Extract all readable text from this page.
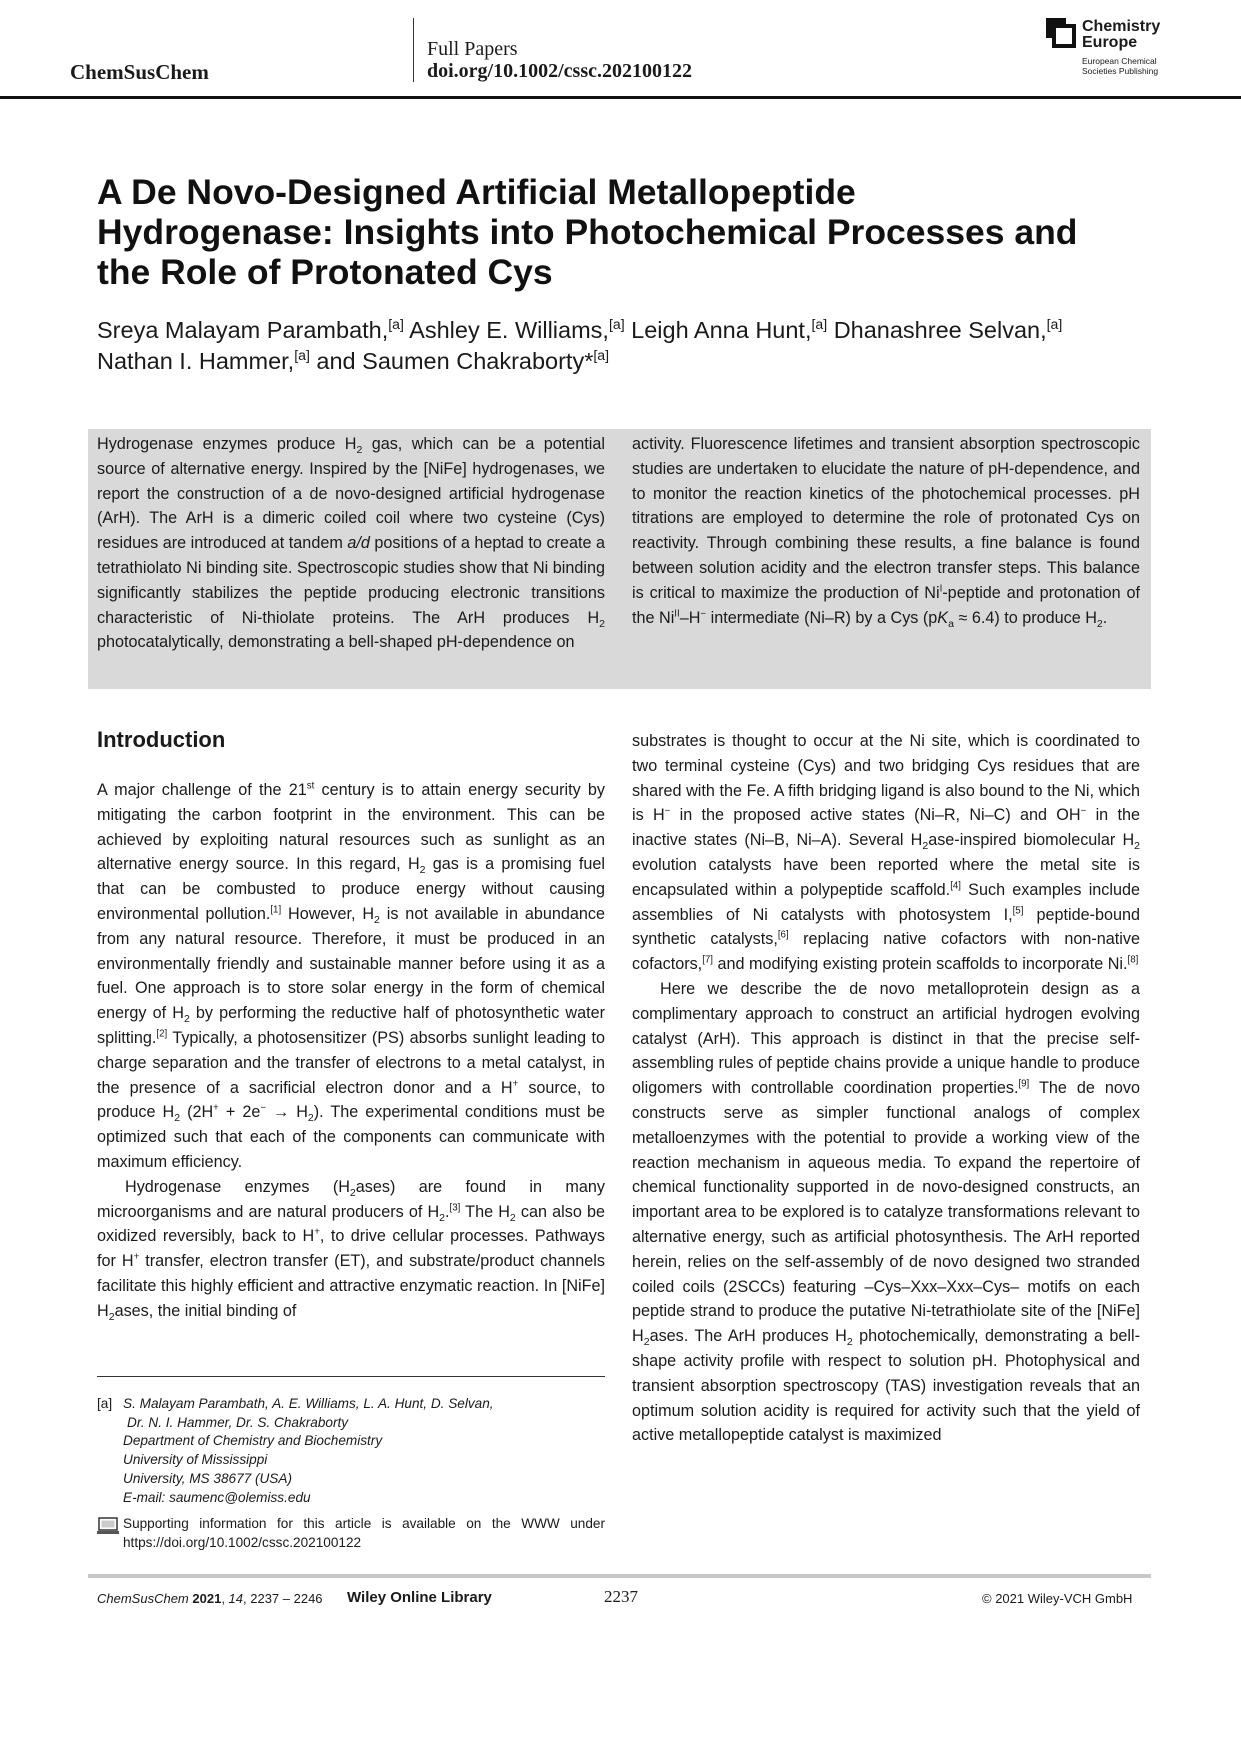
ChemSusChem
Full Papers
doi.org/10.1002/cssc.202100122
Chemistry
Europe
European Chemical
Societies Publishing
A De Novo-Designed Artificial Metallopeptide
Hydrogenase: Insights into Photochemical Processes and
the Role of Protonated Cys
Sreya Malayam Parambath,[a] Ashley E. Williams,[a] Leigh Anna Hunt,[a] Dhanashree Selvan,[a]
Nathan I. Hammer,[a] and Saumen Chakraborty*[a]
Hydrogenase enzymes produce $H_2$ gas, which can be a potential source of alternative energy. Inspired by the [NiFe] hydrogenases, we report the construction of a de novo-designed artificial hydrogenase (ArH). The ArH is a dimeric coiled coil where two cysteine (Cys) residues are introduced at tandem a/d positions of a heptad to create a tetrathiolato Ni binding site. Spectroscopic studies show that Ni binding significantly stabilizes the peptide producing electronic transitions characteristic of Ni-thiolate proteins. The ArH produces $H_2$ photocatalytically, demonstrating a bell-shaped pH-dependence on
activity. Fluorescence lifetimes and transient absorption spectroscopic studies are undertaken to elucidate the nature of pH-dependence, and to monitor the reaction kinetics of the photochemical processes. pH titrations are employed to determine the role of protonated Cys on reactivity. Through combining these results, a fine balance is found between solution acidity and the electron transfer steps. This balance is critical to maximize the production of $Ni^I$-peptide and protonation of the $Ni^{II}-H^-$ intermediate (Ni–R) by a Cys $(pK_a \approx 6.4)$ to produce $H_2$.
Introduction

A major challenge of the 21st century is to attain energy security by mitigating the carbon footprint in the environment. This can be achieved by exploiting natural resources such as sunlight as an alternative energy source. In this regard, $H_2$ gas is a promising fuel that can be combusted to produce energy without causing environmental pollution.[1] However, $H_2$ is not available in abundance from any natural resource. Therefore, it must be produced in an environmentally friendly and sustainable manner before using it as a fuel. One approach is to store solar energy in the form of chemical energy of $H_2$ by performing the reductive half of photosynthetic water splitting.[2] Typically, a photosensitizer (PS) absorbs sunlight leading to charge separation and the transfer of electrons to a metal catalyst, in the presence of a sacrificial electron donor and a H+ source, to produce $H_2$ $(2H^+ + 2e^- \to H_2)$. The experimental conditions must be optimized such that each of the components can communicate with maximum efficiency.

Hydrogenase enzymes $(H_2ases)$ are found in many microorganisms and are natural producers of $H_2.[3]$ The $H_2$ can also be oxidized reversibly, back to H+, to drive cellular processes. Pathways for H+ transfer, electron transfer (ET), and substrate/product channels facilitate this highly efficient and attractive enzymatic reaction. In [NiFe] $H_2ases$, the initial binding of

substrates is thought to occur at the Ni site, which is coordinated to two terminal cysteine (Cys) and two bridging Cys residues that are shared with the Fe. A fifth bridging ligand is also bound to the Ni, which is H− in the proposed active states (Ni–R, Ni–C) and OH− in the inactive states (Ni–B, Ni–A). Several $H_2ase$-inspired biomolecular $H_2$ evolution catalysts have been reported where the metal site is encapsulated within a polypeptide scaffold.[4] Such examples include assemblies of Ni catalysts with photosystem I,[5] peptide-bound synthetic catalysts,[6] replacing native cofactors with non-native cofactors,[7] and modifying existing protein scaffolds to incorporate Ni.[8]

Here we describe the de novo metalloprotein design as a complimentary approach to construct an artificial hydrogen evolving catalyst (ArH). This approach is distinct in that the precise self-assembling rules of peptide chains provide a unique handle to produce oligomers with controllable coordination properties.[9] The de novo constructs serve as simpler functional analogs of complex metalloenzymes with the potential to provide a working view of the reaction mechanism in aqueous media. To expand the repertoire of chemical functionality supported in de novo-designed constructs, an important area to be explored is to catalyze transformations relevant to alternative energy, such as artificial photosynthesis. The ArH reported herein, relies on the self-assembly of de novo designed two stranded coiled coils (2SCCs) featuring –Cys–Xxx–Xxx–Cys– motifs on each peptide strand to produce the putative Ni-tetrathiolate site of the [NiFe] $H_2ases$. The ArH produces $H_2$ photochemically, demonstrating a bell-shape activity profile with respect to solution pH. Photophysical and transient absorption spectroscopy (TAS) investigation reveals that an optimum solution acidity is required for activity such that the yield of active metallopeptide catalyst is maximized

[a] S. Malayam Parambath, A. E. Williams, L. A. Hunt, D. Selvan,
Dr. N. I. Hammer, Dr. S. Chakraborty
Department of Chemistry and Biochemistry
University of Mississippi
University, MS 38677 (USA)
E-mail: saumenc@olemiss.edu
Supporting information for this article is available on the WWW under https://doi.org/10.1002/cssc.202100122
ChemSusChem 2021, 14, 2237 – 2246 Wiley Online Library	2237	© 2021 Wiley-VCH GmbH
